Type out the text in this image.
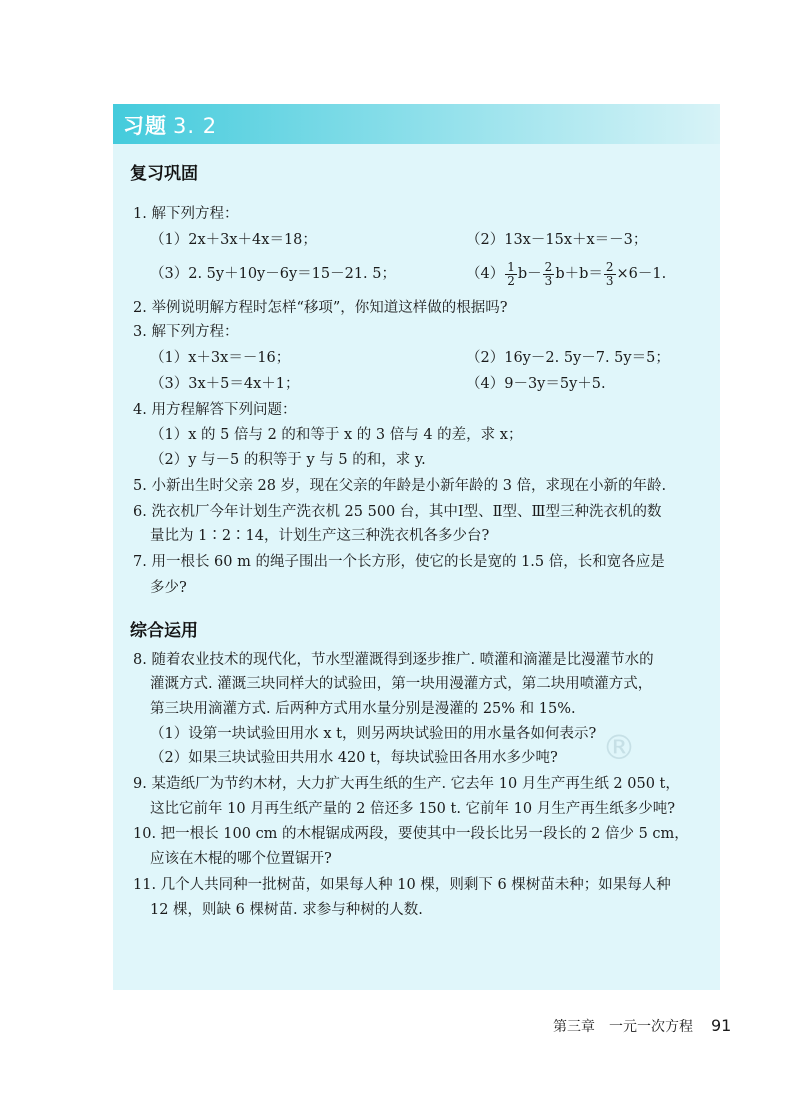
习题 3. 2
复习巩固
1. 解下列方程：
（1）2x＋3x＋4x＝18；	（2）13x－15x＋x＝－3；
（3）2. 5y＋10y－6y＝15－21. 5；	$(4) \frac{1}{2} b- \frac{2}{3} b+b= \frac{2}{3} \times 6-1$.
2. 举例说明解方程时怎样“移项”，你知道这样做的根据吗?
3. 解下列方程：
（1）x＋3x＝－16；	（2）16y－2. 5y－7. 5y＝5；
（3）3x＋5＝4x＋1；	（4）9－3y＝5y＋5.
4. 用方程解答下列问题：
（1）x 的 5 倍与 2 的和等于 x 的 3 倍与 4 的差，求 x；
（2）y 与－5 的积等于 y 与 5 的和，求 y.
5. 小新出生时父亲 28 岁，现在父亲的年龄是小新年龄的 3 倍，求现在小新的年龄.
6. 洗衣机厂今年计划生产洗衣机 25 500 台，其中Ⅰ型、Ⅱ型、Ⅲ型三种洗衣机的数
量比为 1∶2∶14，计划生产这三种洗衣机各多少台?
7. 用一根长 60 m 的绳子围出一个长方形，使它的长是宽的 1.5 倍，长和宽各应是
多少?
综合运用
8. 随着农业技术的现代化，节水型灌溉得到逐步推广. 喷灌和滴灌是比漫灌节水的
灌溉方式. 灌溉三块同样大的试验田，第一块用漫灌方式，第二块用喷灌方式，
第三块用滴灌方式. 后两种方式用水量分别是漫灌的 25% 和 15%.
（1）设第一块试验田用水 x t，则另两块试验田的用水量各如何表示?
（2）如果三块试验田共用水 420 t，每块试验田各用水多少吨?
9. 某造纸厂为节约木材，大力扩大再生纸的生产. 它去年 10 月生产再生纸 2 050 t，
这比它前年 10 月再生纸产量的 2 倍还多 150 t. 它前年 10 月生产再生纸多少吨?
10. 把一根长 100 cm 的木棍锯成两段，要使其中一段长比另一段长的 2 倍少 5 cm，
应该在木棍的哪个位置锯开?
11. 几个人共同种一批树苗，如果每人种 10 棵，则剩下 6 棵树苗未种；如果每人种
12 棵，则缺 6 棵树苗. 求参与种树的人数.
®
第三章　一元一次方程 91
